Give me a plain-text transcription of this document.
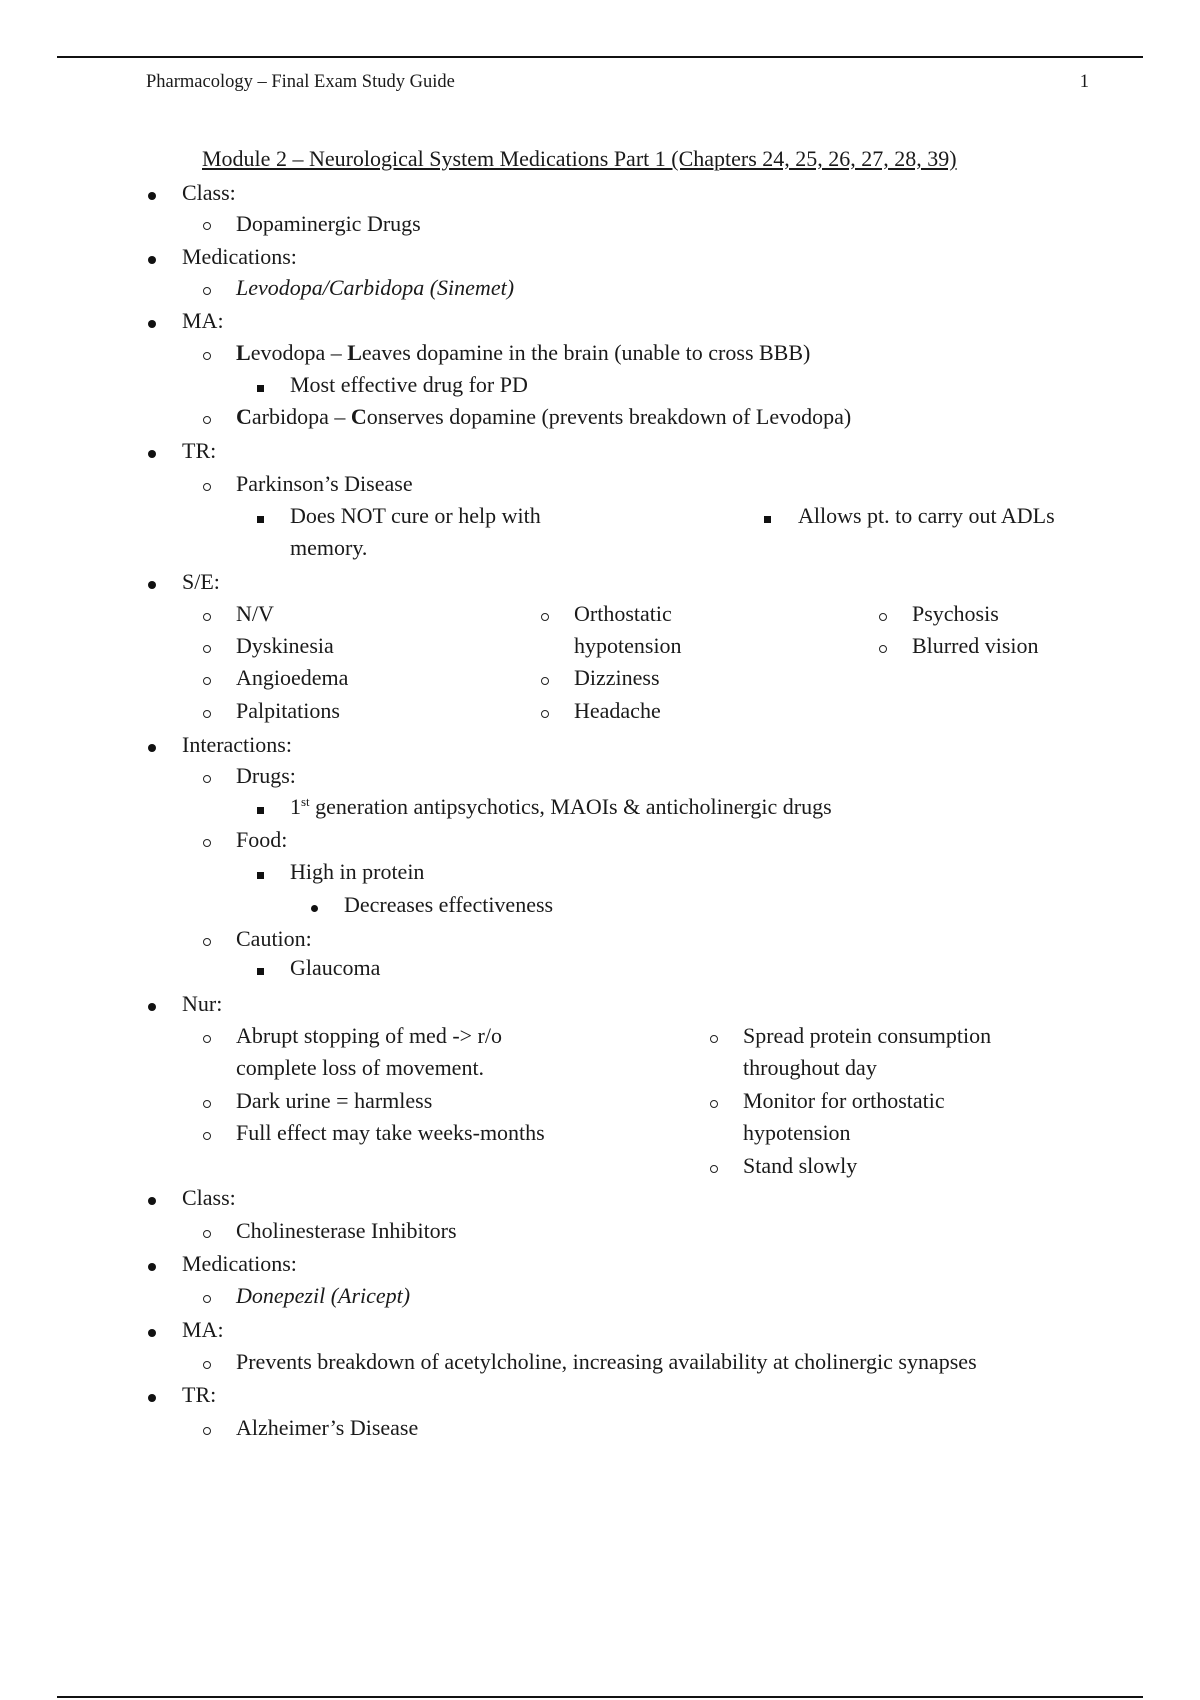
Pharmacology – Final Exam Study Guide	1
Module 2 – Neurological System Medications Part 1 (Chapters 24, 25, 26, 27, 28, 39)
Class:
Dopaminergic Drugs
Medications:
Levodopa/Carbidopa (Sinemet)
MA:
Levodopa – Leaves dopamine in the brain (unable to cross BBB)
Most effective drug for PD
Carbidopa – Conserves dopamine (prevents breakdown of Levodopa)
TR:
Parkinson’s Disease
Does NOT cure or help with
memory.
Allows pt. to carry out ADLs
S/E:
N/V
Dyskinesia
Angioedema
Palpitations
Orthostatic
hypotension
Dizziness
Headache
Psychosis
Blurred vision
Interactions:
Drugs:
1st generation antipsychotics, MAOIs & anticholinergic drugs
Food:
High in protein
Decreases effectiveness
Caution:
Glaucoma
Nur:
Abrupt stopping of med -> r/o
complete loss of movement.
Dark urine = harmless
Full effect may take weeks-months
Spread protein consumption
throughout day
Monitor for orthostatic
hypotension
Stand slowly
Class:
Cholinesterase Inhibitors
Medications:
Donepezil (Aricept)
MA:
Prevents breakdown of acetylcholine, increasing availability at cholinergic synapses
TR:
Alzheimer’s Disease
